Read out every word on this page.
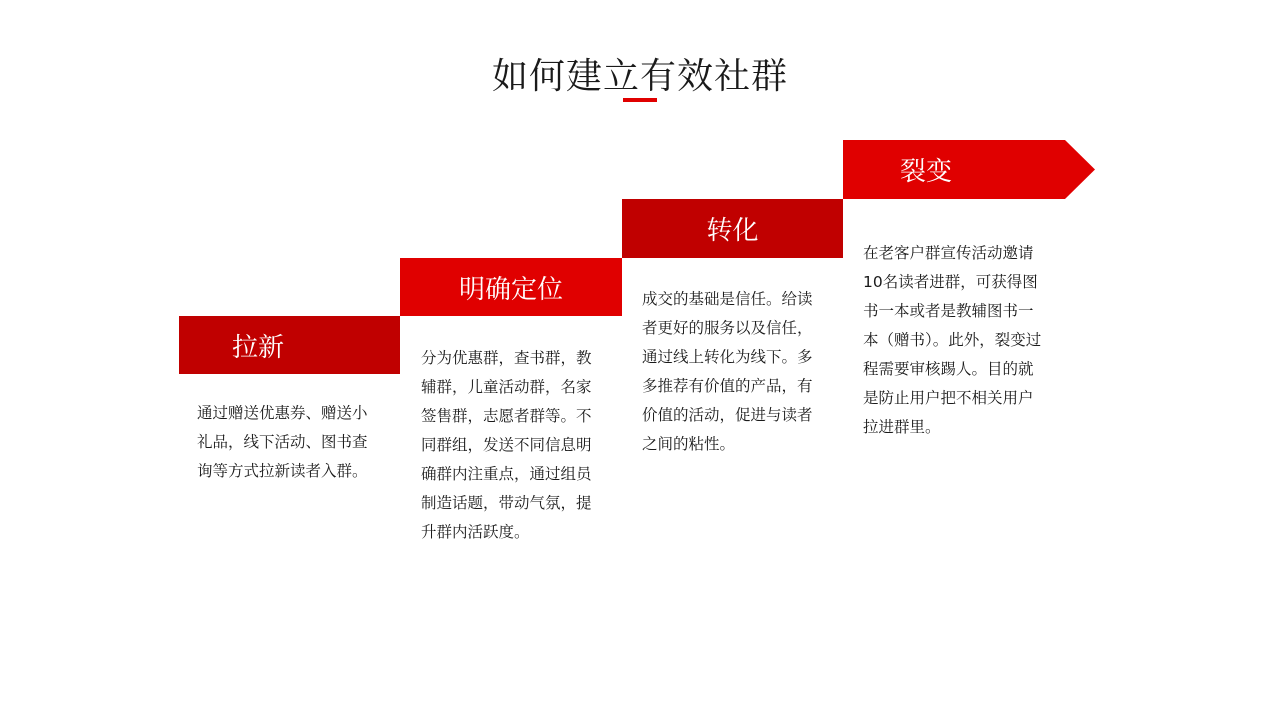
如何建立有效社群
拉新
明确定位
转化
裂变
通过赠送优惠券、赠送小礼品，线下活动、图书查询等方式拉新读者入群。
分为优惠群，查书群，教辅群，儿童活动群，名家签售群，志愿者群等。不同群组，发送不同信息明确群内注重点，通过组员制造话题，带动气氛，提升群内活跃度。
成交的基础是信任。给读者更好的服务以及信任，通过线上转化为线下。多多推荐有价值的产品，有价值的活动，促进与读者之间的粘性。
在老客户群宣传活动邀请10名读者进群，可获得图书一本或者是教辅图书一本（赠书）。此外，裂变过程需要审核踢人。目的就是防止用户把不相关用户拉进群里。
